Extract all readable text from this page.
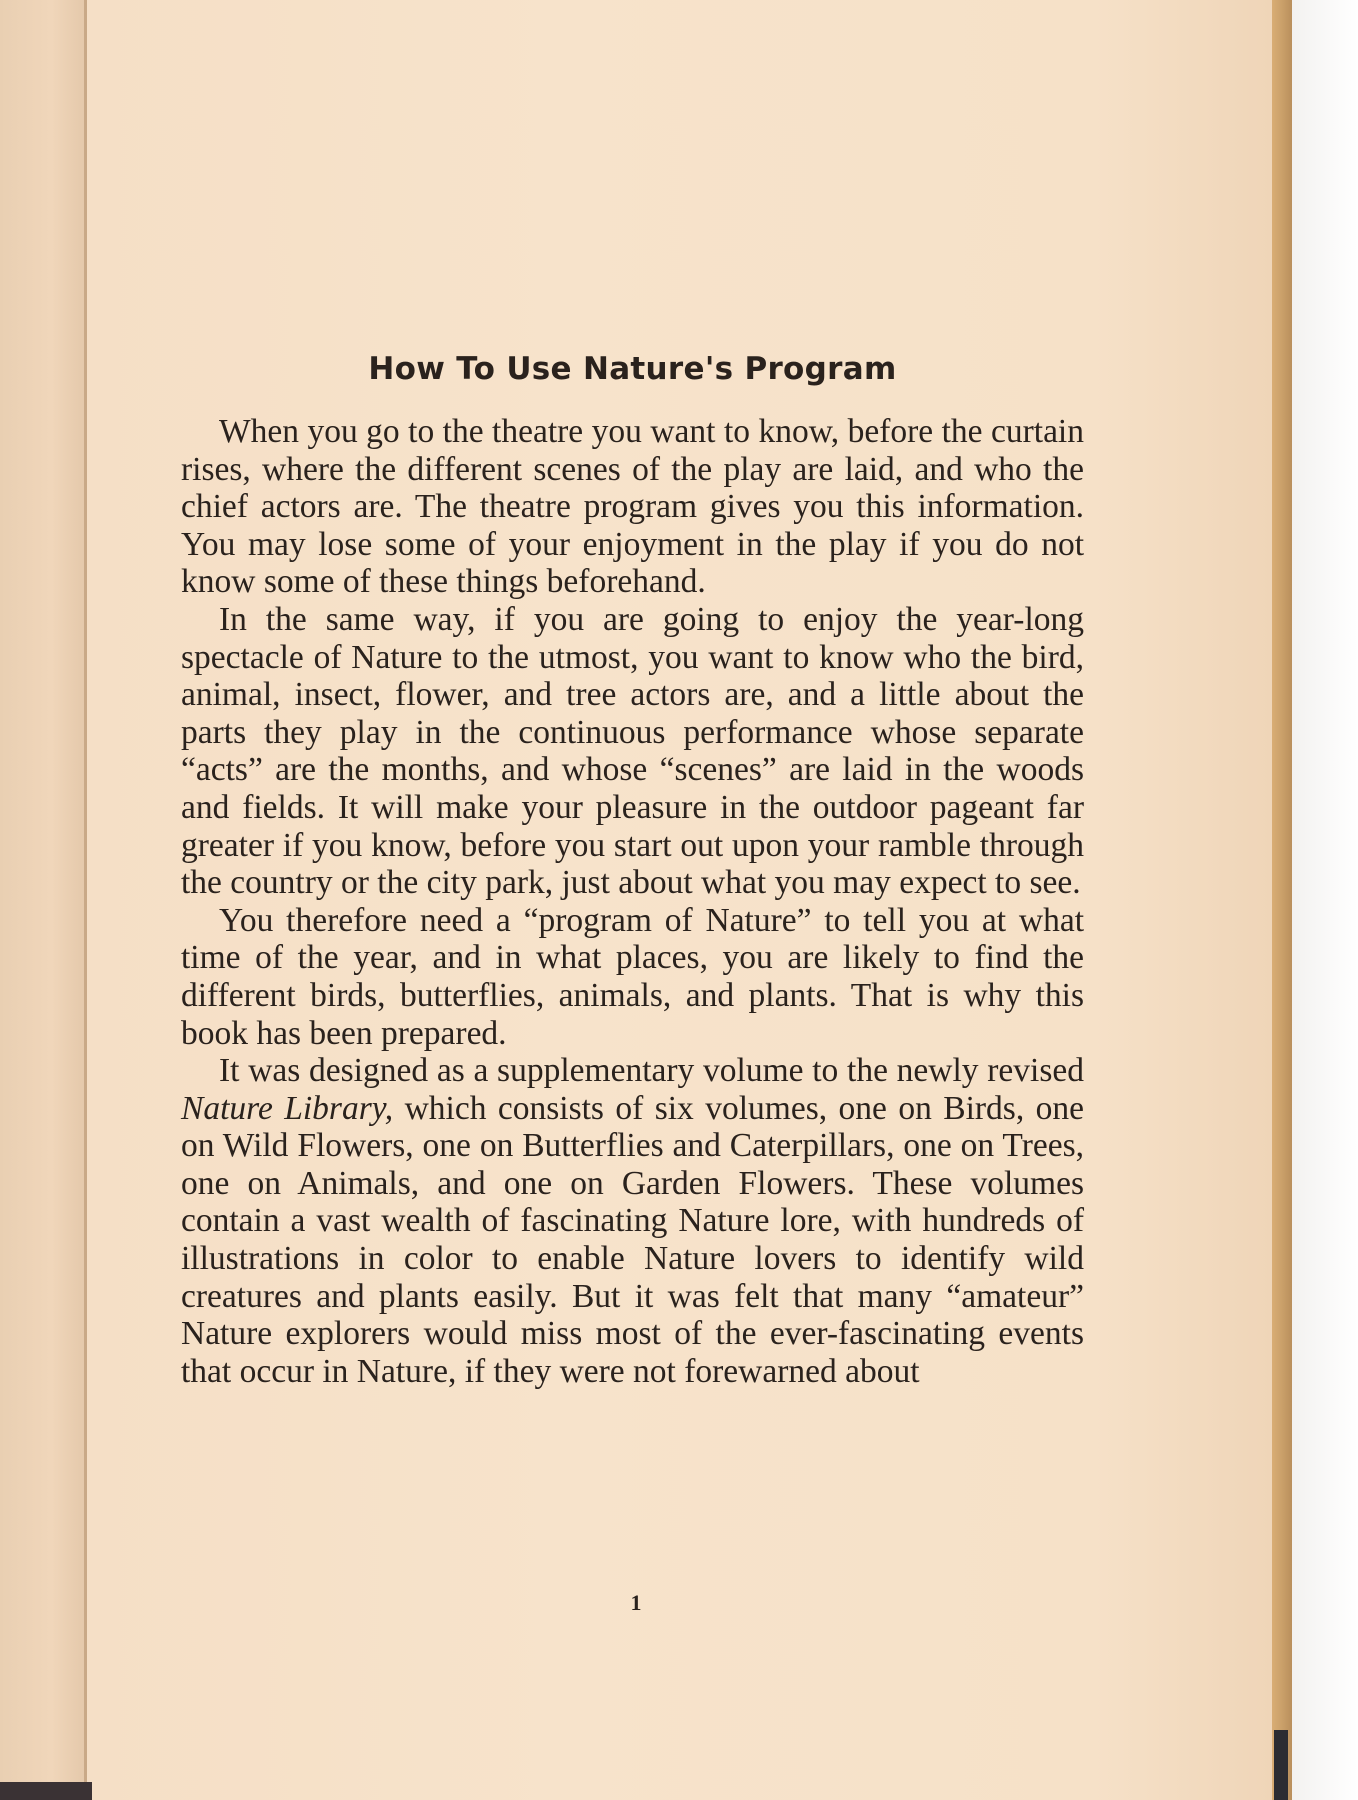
How To Use Nature's Program

When you go to the theatre you want to know, before the curtain rises, where the different scenes of the play are laid, and who the chief actors are. The theatre program gives you this information. You may lose some of your enjoyment in the play if you do not know some of these things beforehand.

In the same way, if you are going to enjoy the year-long spectacle of Nature to the utmost, you want to know who the bird, animal, insect, flower, and tree actors are, and a little about the parts they play in the continuous performance whose separate “acts” are the months, and whose “scenes” are laid in the woods and fields. It will make your pleasure in the outdoor pageant far greater if you know, before you start out upon your ramble through the country or the city park, just about what you may expect to see.

You therefore need a “program of Nature” to tell you at what time of the year, and in what places, you are likely to find the different birds, butterflies, animals, and plants. That is why this book has been prepared.

It was designed as a supplementary volume to the newly revised Nature Library, which consists of six volumes, one on Birds, one on Wild Flowers, one on Butterflies and Caterpillars, one on Trees, one on Animals, and one on Garden Flowers. These volumes contain a vast wealth of fascinating Nature lore, with hundreds of illustrations in color to enable Nature lovers to identify wild creatures and plants easily. But it was felt that many “amateur” Nature explorers would miss most of the ever-fascinating events that occur in Nature, if they were not forewarned about

1
